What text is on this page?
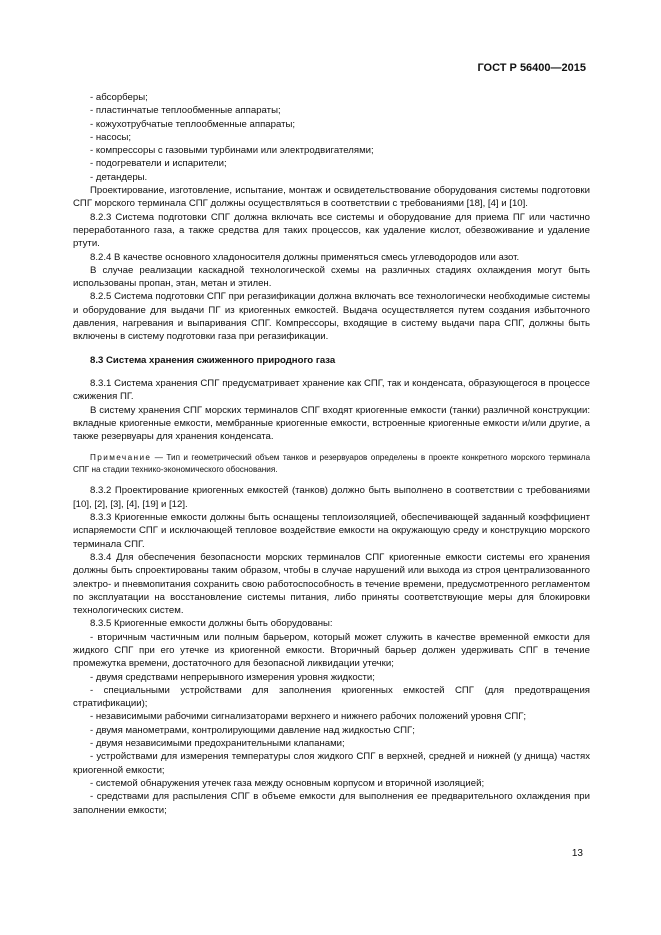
ГОСТ Р 56400—2015

- абсорберы;

- пластинчатые теплообменные аппараты;

- кожухотрубчатые теплообменные аппараты;

- насосы;

- компрессоры с газовыми турбинами или электродвигателями;

- подогреватели и испарители;

- детандеры.

Проектирование, изготовление, испытание, монтаж и освидетельствование оборудования системы подготовки СПГ морского терминала СПГ должны осуществляться в соответствии с требованиями [18], [4] и [10].

8.2.3 Система подготовки СПГ должна включать все системы и оборудование для приема ПГ или частично переработанного газа, а также средства для таких процессов, как удаление кислот, обезвоживание и удаление ртути.

8.2.4 В качестве основного хладоносителя должны применяться смесь углеводородов или азот.

В случае реализации каскадной технологической схемы на различных стадиях охлаждения могут быть использованы пропан, этан, метан и этилен.

8.2.5 Система подготовки СПГ при регазификации должна включать все технологически необходимые системы и оборудование для выдачи ПГ из криогенных емкостей. Выдача осуществляется путем создания избыточного давления, нагревания и выпаривания СПГ. Компрессоры, входящие в систему выдачи пара СПГ, должны быть включены в систему подготовки газа при регазификации.

8.3 Система хранения сжиженного природного газа

8.3.1 Система хранения СПГ предусматривает хранение как СПГ, так и конденсата, образующегося в процессе сжижения ПГ.

В систему хранения СПГ морских терминалов СПГ входят криогенные емкости (танки) различной конструкции: вкладные криогенные емкости, мембранные криогенные емкости, встроенные криогенные емкости и/или другие, а также резервуары для хранения конденсата.

Примечание — Тип и геометрический объем танков и резервуаров определены в проекте конкретного морского терминала СПГ на стадии технико-экономического обоснования.

8.3.2 Проектирование криогенных емкостей (танков) должно быть выполнено в соответствии с требованиями [10], [2], [3], [4], [19] и [12].

8.3.3 Криогенные емкости должны быть оснащены теплоизоляцией, обеспечивающей заданный коэффициент испаряемости СПГ и исключающей тепловое воздействие емкости на окружающую среду и конструкцию морского терминала СПГ.

8.3.4 Для обеспечения безопасности морских терминалов СПГ криогенные емкости системы его хранения должны быть спроектированы таким образом, чтобы в случае нарушений или выхода из строя централизованного электро- и пневмопитания сохранить свою работоспособность в течение времени, предусмотренного регламентом по эксплуатации на восстановление системы питания, либо приняты соответствующие меры для блокировки технологических систем.

8.3.5 Криогенные емкости должны быть оборудованы:

- вторичным частичным или полным барьером, который может служить в качестве временной емкости для жидкого СПГ при его утечке из криогенной емкости. Вторичный барьер должен удерживать СПГ в течение промежутка времени, достаточного для безопасной ликвидации утечки;

- двумя средствами непрерывного измерения уровня жидкости;

- специальными устройствами для заполнения криогенных емкостей СПГ (для предотвращения стратификации);

- независимыми рабочими сигнализаторами верхнего и нижнего рабочих положений уровня СПГ;

- двумя манометрами, контролирующими давление над жидкостью СПГ;

- двумя независимыми предохранительными клапанами;

- устройствами для измерения температуры слоя жидкого СПГ в верхней, средней и нижней (у днища) частях криогенной емкости;

- системой обнаружения утечек газа между основным корпусом и вторичной изоляцией;

- средствами для распыления СПГ в объеме емкости для выполнения ее предварительного охлаждения при заполнении емкости;

13
